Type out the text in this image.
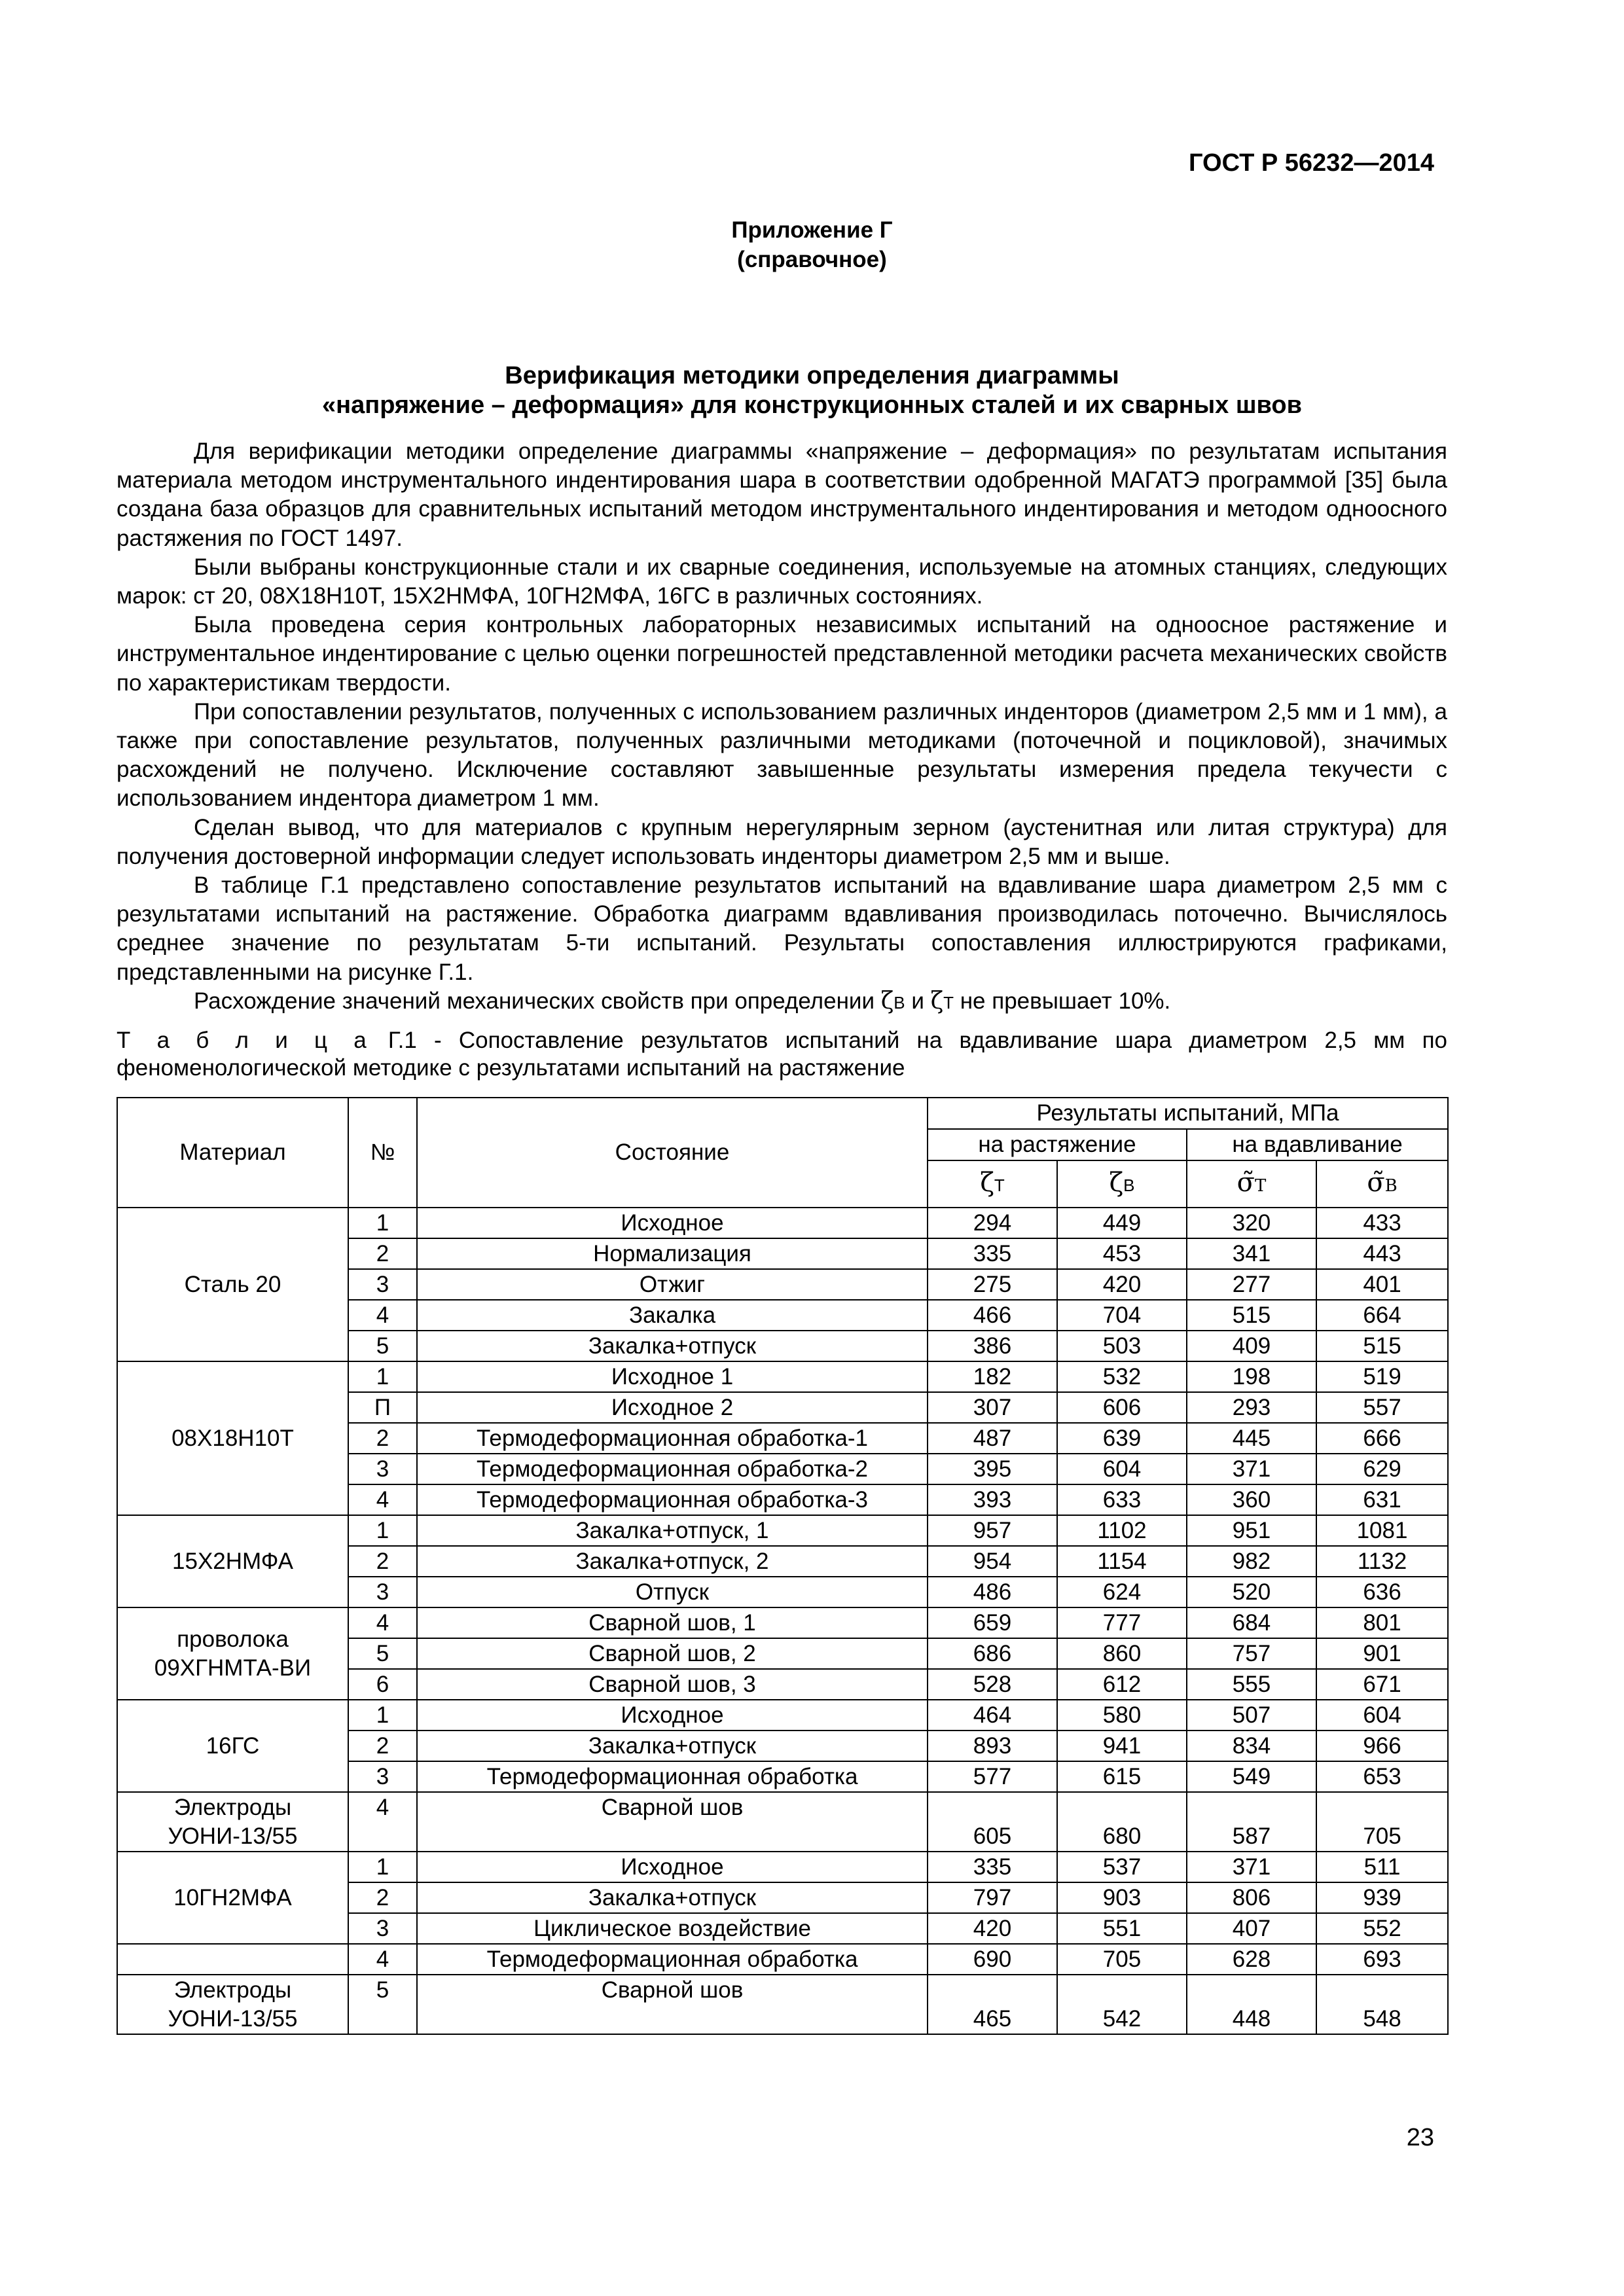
ГОСТ Р 56232—2014
Приложение Г
(справочное)
Верификация методики определения диаграммы
«напряжение – деформация» для конструкционных сталей и их сварных швов

Для верификации методики определение диаграммы «напряжение – деформация» по результатам испытания материала методом инструментального индентирования шара в соответствии одобренной МАГАТЭ программой [35] была создана база образцов для сравнительных испытаний методом инструментального индентирования и методом одноосного растяжения по ГОСТ 1497.

Были выбраны конструкционные стали и их сварные соединения, используемые на атомных станциях, следующих марок: ст 20, 08Х18Н10Т, 15Х2НМФА, 10ГН2МФА, 16ГС в различных состояниях.

Была проведена серия контрольных лабораторных независимых испытаний на одноосное растяжение и инструментальное индентирование с целью оценки погрешностей представленной методики расчета механических свойств по характеристикам твердости.

При сопоставлении результатов, полученных с использованием различных инденторов (диаметром 2,5 мм и 1 мм), а также при сопоставление результатов, полученных различными методиками (поточечной и поцикловой), значимых расхождений не получено. Исключение составляют завышенные результаты измерения предела текучести с использованием индентора диаметром 1 мм.

Сделан вывод, что для материалов с крупным нерегулярным зерном (аустенитная или литая структура) для получения достоверной информации следует использовать инденторы диаметром 2,5 мм и выше.

В таблице Г.1 представлено сопоставление результатов испытаний на вдавливание шара диаметром 2,5 мм с результатами испытаний на растяжение. Обработка диаграмм вдавливания производилась поточечно. Вычислялось среднее значение по результатам 5-ти испытаний. Результаты сопоставления иллюстрируются графиками, представленными на рисунке Г.1.

Расхождение значений механических свойств при определении ζВ и ζТ не превышает 10%.

Т а б л и ц а Г.1 - Сопоставление результатов испытаний на вдавливание шара диаметром 2,5 мм по феноменологической методике с результатами испытаний на растяжение
Материал	№	Состояние	Результаты испытаний, МПа			
			на растяжение		на вдавливание	
			ζТ	ζВ	σ̃Т	σ̃В
Сталь 20	1	Исходное	294	449	320	433
	2	Нормализация	335	453	341	443
	3	Отжиг	275	420	277	401
	4	Закалка	466	704	515	664
	5	Закалка+отпуск	386	503	409	515
08Х18Н10Т	1	Исходное 1	182	532	198	519
	П	Исходное 2	307	606	293	557
	2	Термодеформационная обработка-1	487	639	445	666
	3	Термодеформационная обработка-2	395	604	371	629
	4	Термодеформационная обработка-3	393	633	360	631
15Х2НМФА	1	Закалка+отпуск, 1	957	1102	951	1081
	2	Закалка+отпуск, 2	954	1154	982	1132
	3	Отпуск	486	624	520	636
проволока 09ХГНМТА-ВИ	4	Сварной шов, 1	659	777	684	801
	5	Сварной шов, 2	686	860	757	901
	6	Сварной шов, 3	528	612	555	671
16ГС	1	Исходное	464	580	507	604
	2	Закалка+отпуск	893	941	834	966
	3	Термодеформационная обработка	577	615	549	653
Электроды УОНИ-13/55	4	Сварной шов	605	680	587	705
10ГН2МФА	1	Исходное	335	537	371	511
	2	Закалка+отпуск	797	903	806	939
	3	Циклическое воздействие	420	551	407	552
	4	Термодеформационная обработка	690	705	628	693
Электроды УОНИ-13/55	5	Сварной шов	465	542	448	548
23
